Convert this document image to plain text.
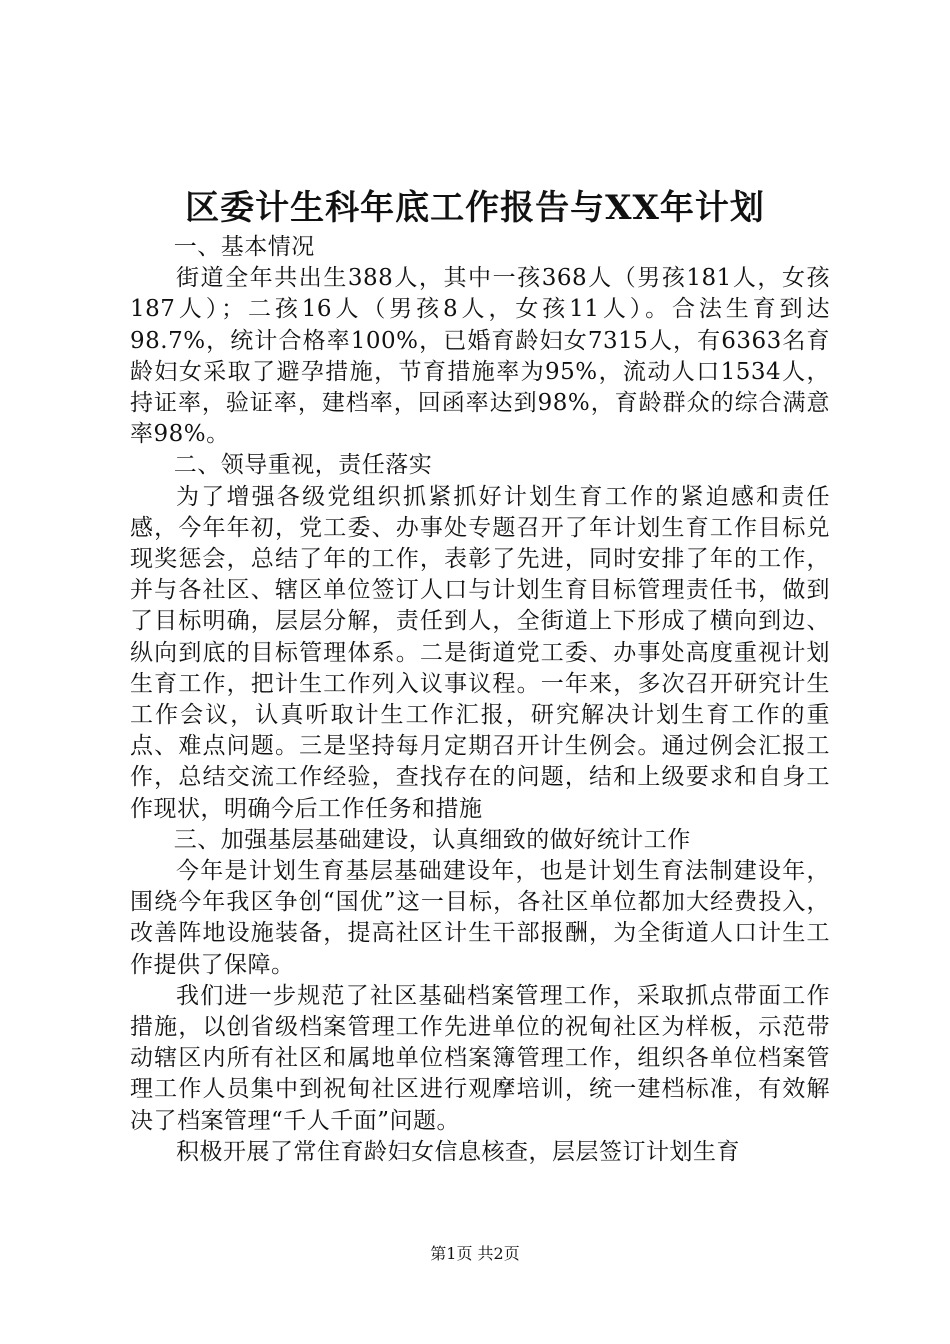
区委计生科年底工作报告与XX年计划

一、基本情况

街道全年共出生388人，其中一孩368人（男孩181人，女孩187人）；二孩16人（男孩8人，女孩11人）。合法生育到达98.7%，统计合格率100%，已婚育龄妇女7315人，有6363名育龄妇女采取了避孕措施，节育措施率为95%，流动人口1534人，持证率，验证率，建档率，回函率达到98%，育龄群众的综合满意率98%。

二、领导重视，责任落实

为了增强各级党组织抓紧抓好计划生育工作的紧迫感和责任感，今年年初，党工委、办事处专题召开了年计划生育工作目标兑现奖惩会，总结了年的工作，表彰了先进，同时安排了年的工作，并与各社区、辖区单位签订人口与计划生育目标管理责任书，做到了目标明确，层层分解，责任到人，全街道上下形成了横向到边、纵向到底的目标管理体系。二是街道党工委、办事处高度重视计划生育工作，把计生工作列入议事议程。一年来，多次召开研究计生工作会议，认真听取计生工作汇报，研究解决计划生育工作的重点、难点问题。三是坚持每月定期召开计生例会。通过例会汇报工作，总结交流工作经验，查找存在的问题，结和上级要求和自身工作现状，明确今后工作任务和措施

三、加强基层基础建设，认真细致的做好统计工作

今年是计划生育基层基础建设年，也是计划生育法制建设年，围绕今年我区争创“国优”这一目标，各社区单位都加大经费投入，改善阵地设施装备，提高社区计生干部报酬，为全街道人口计生工作提供了保障。

我们进一步规范了社区基础档案管理工作，采取抓点带面工作措施，以创省级档案管理工作先进单位的祝甸社区为样板，示范带动辖区内所有社区和属地单位档案簿管理工作，组织各单位档案管理工作人员集中到祝甸社区进行观摩培训，统一建档标准，有效解决了档案管理“千人千面”问题。

积极开展了常住育龄妇女信息核查，层层签订计划生育

第1页 共2页
